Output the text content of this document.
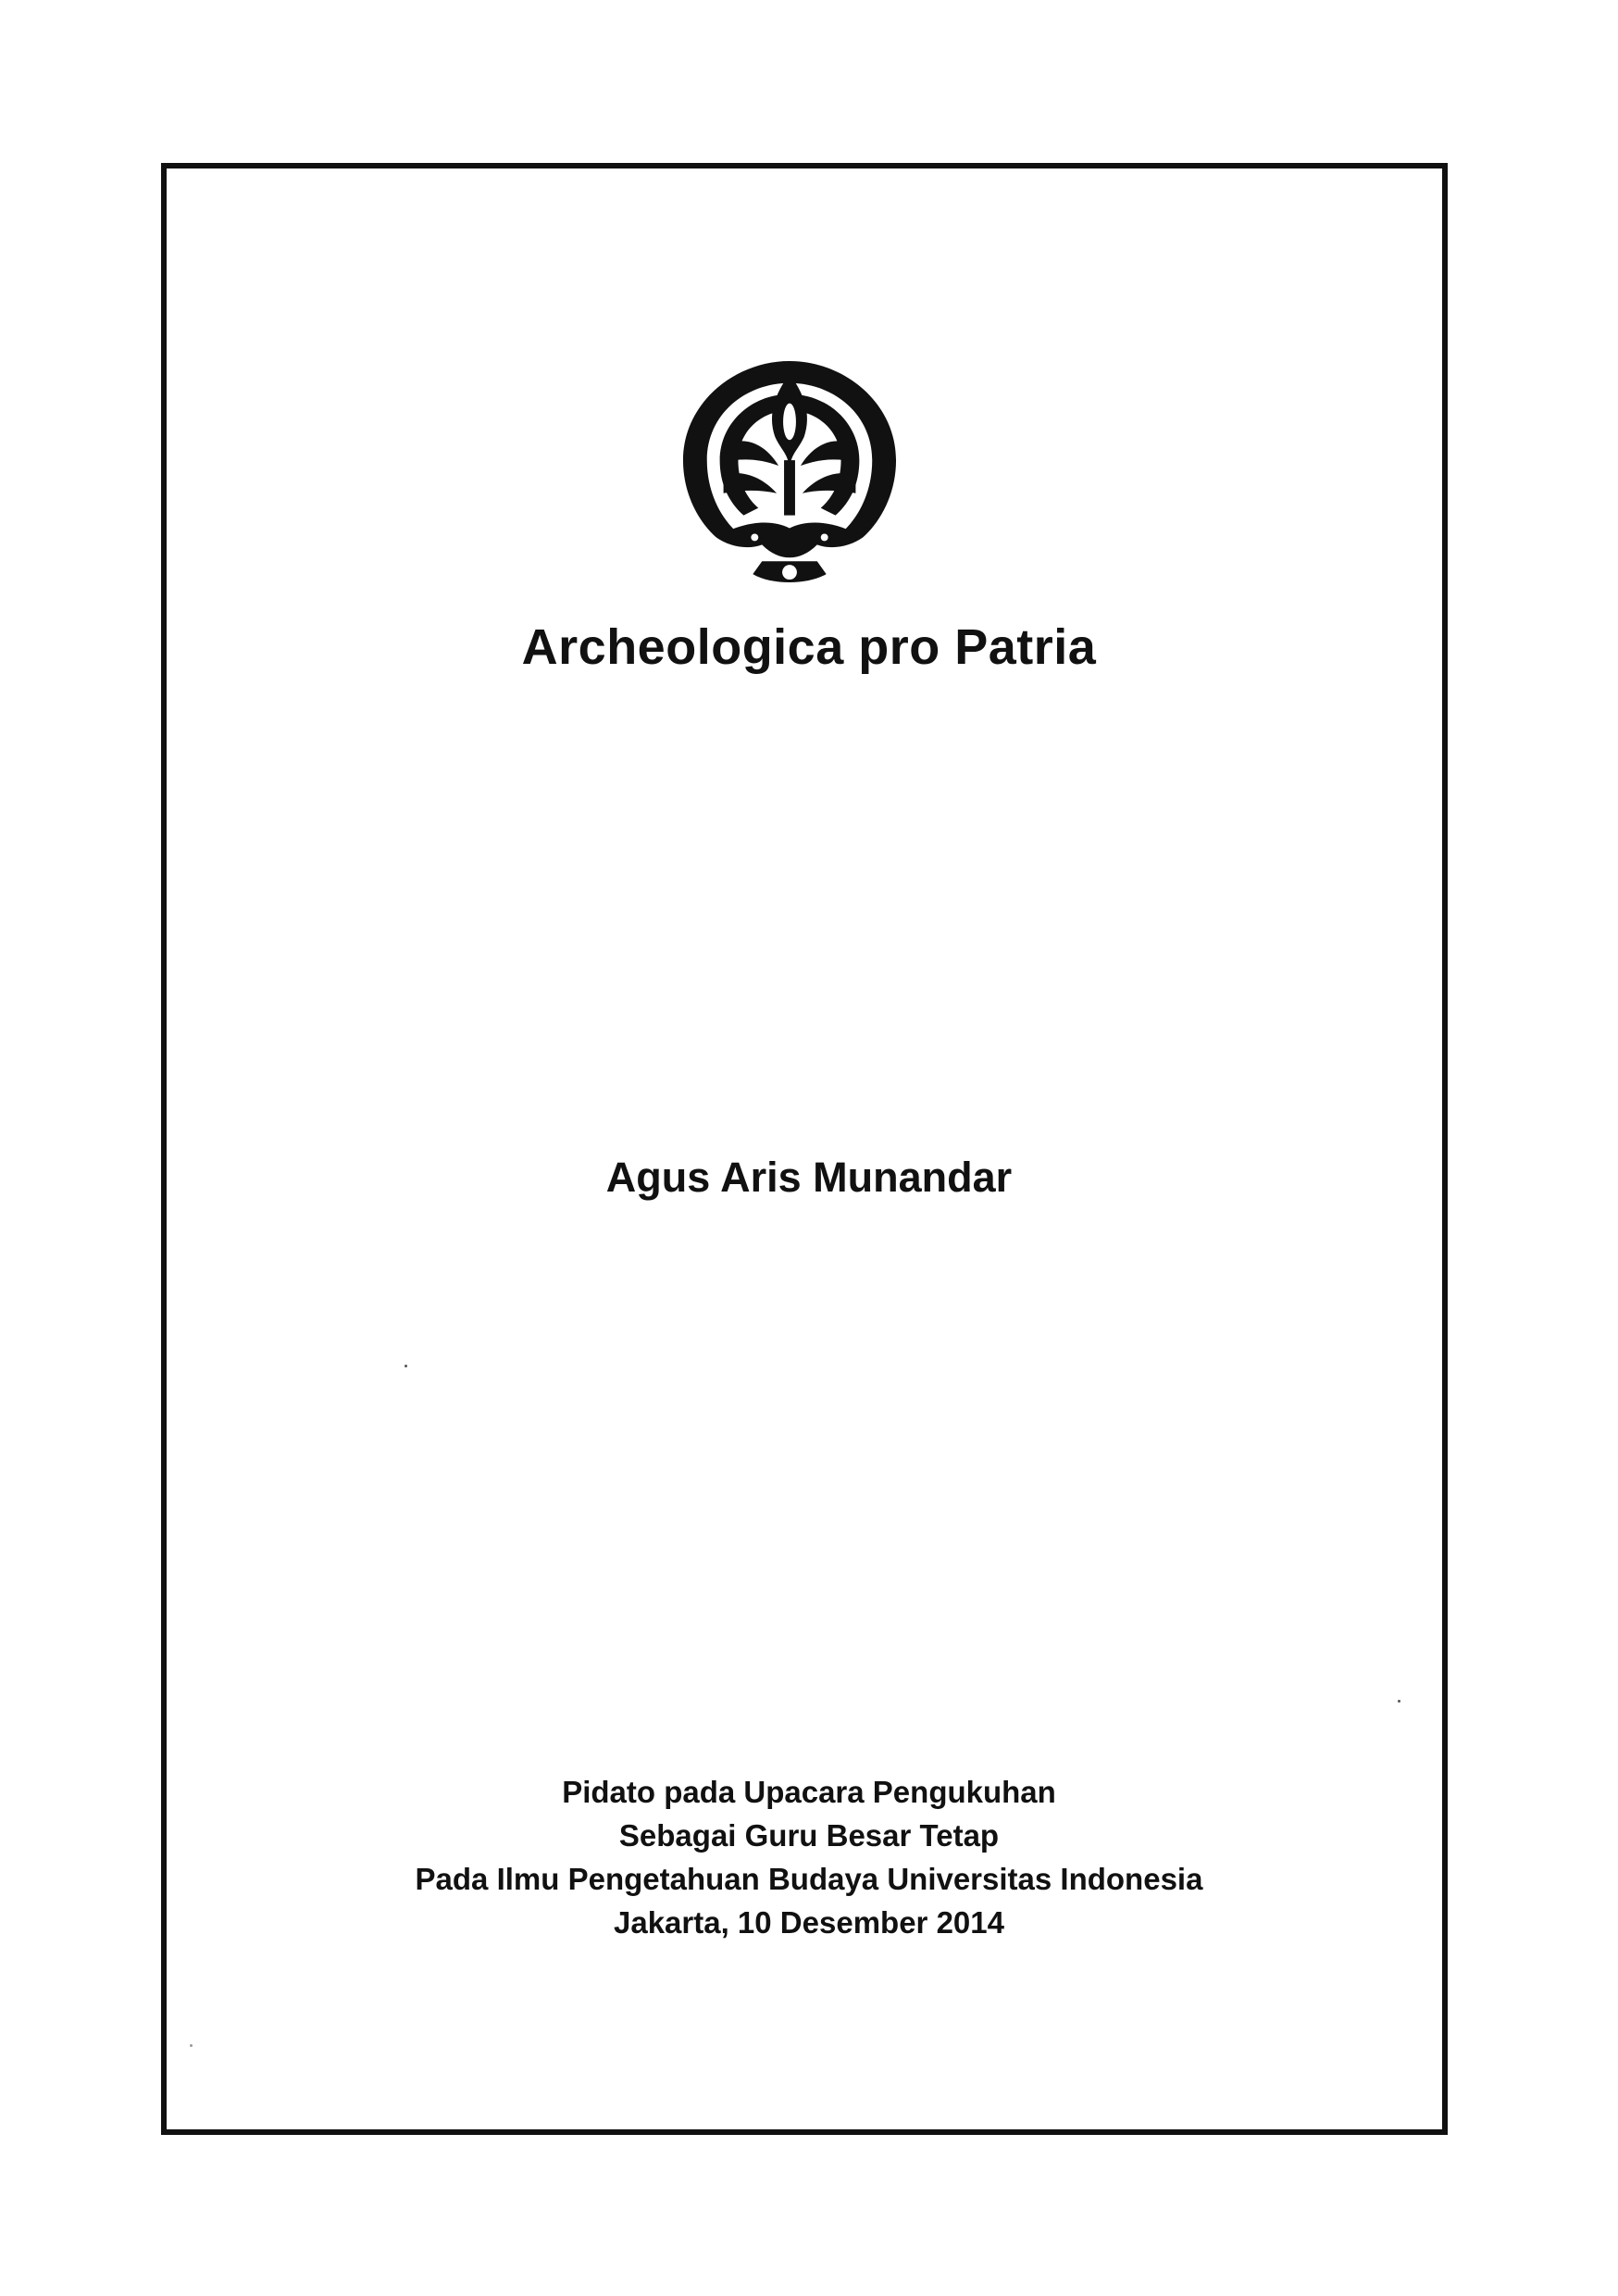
Archeologica pro Patria
Agus Aris Munandar
Pidato pada Upacara Pengukuhan
Sebagai Guru Besar Tetap
Pada Ilmu Pengetahuan Budaya Universitas Indonesia
Jakarta, 10 Desember 2014
